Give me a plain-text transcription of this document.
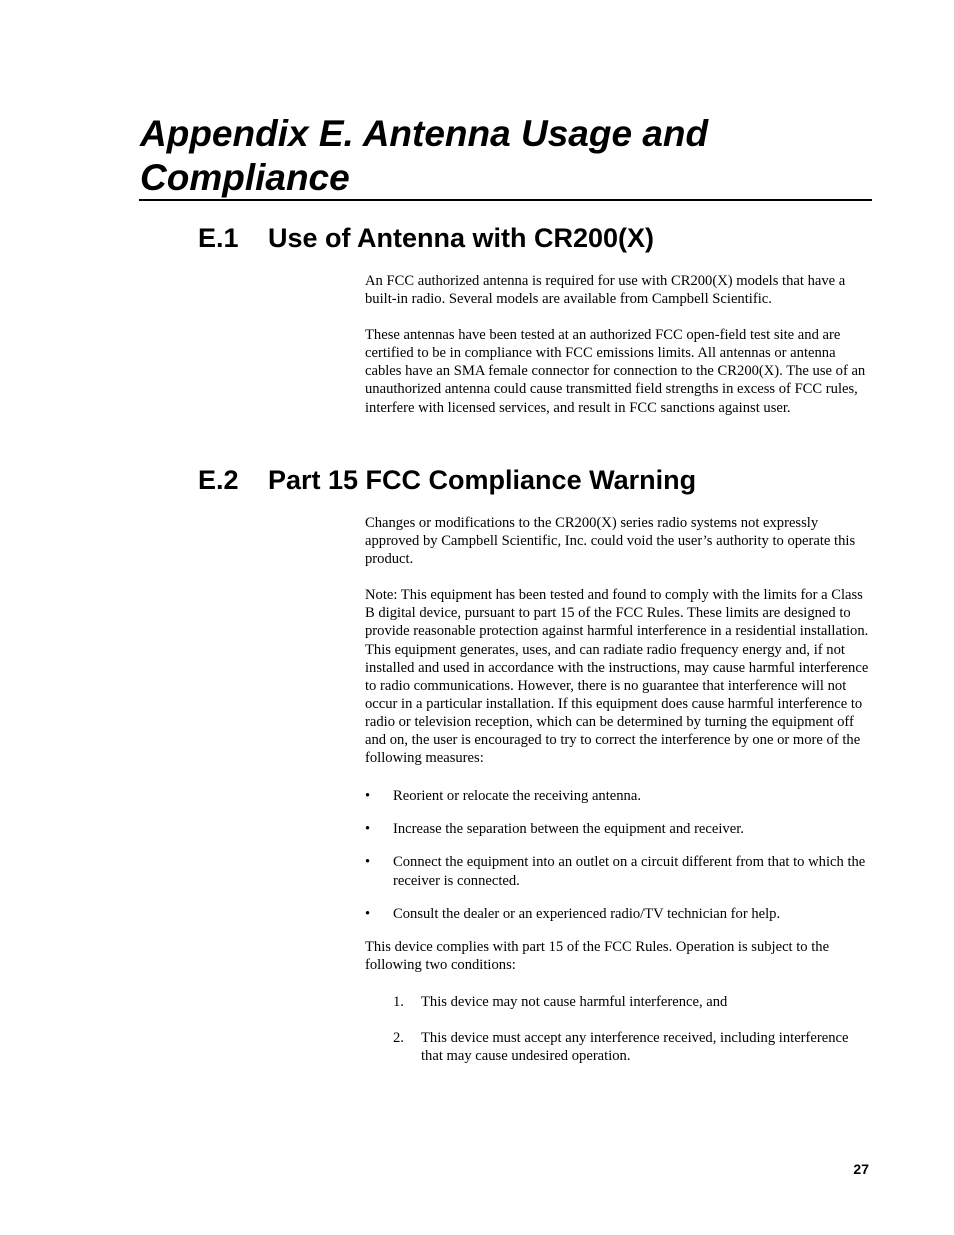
Appendix E. Antenna Usage and Compliance
E.1 Use of Antenna with CR200(X)

An FCC authorized antenna is required for use with CR200(X) models that have a built-in radio. Several models are available from Campbell Scientific.

These antennas have been tested at an authorized FCC open-field test site and are certified to be in compliance with FCC emissions limits. All antennas or antenna cables have an SMA female connector for connection to the CR200(X). The use of an unauthorized antenna could cause transmitted field strengths in excess of FCC rules, interfere with licensed services, and result in FCC sanctions against user.

E.2 Part 15 FCC Compliance Warning

Changes or modifications to the CR200(X) series radio systems not expressly approved by Campbell Scientific, Inc. could void the user’s authority to operate this product.

Note: This equipment has been tested and found to comply with the limits for a Class B digital device, pursuant to part 15 of the FCC Rules. These limits are designed to provide reasonable protection against harmful interference in a residential installation. This equipment generates, uses, and can radiate radio frequency energy and, if not installed and used in accordance with the instructions, may cause harmful interference to radio communications. However, there is no guarantee that interference will not occur in a particular installation. If this equipment does cause harmful interference to radio or television reception, which can be determined by turning the equipment off and on, the user is encouraged to try to correct the interference by one or more of the following measures:

• Reorient or relocate the receiving antenna.
• Increase the separation between the equipment and receiver.
• Connect the equipment into an outlet on a circuit different from that to which the receiver is connected.
• Consult the dealer or an experienced radio/TV technician for help.

This device complies with part 15 of the FCC Rules. Operation is subject to the following two conditions:

1. This device may not cause harmful interference, and
2. This device must accept any interference received, including interference that may cause undesired operation.
27
